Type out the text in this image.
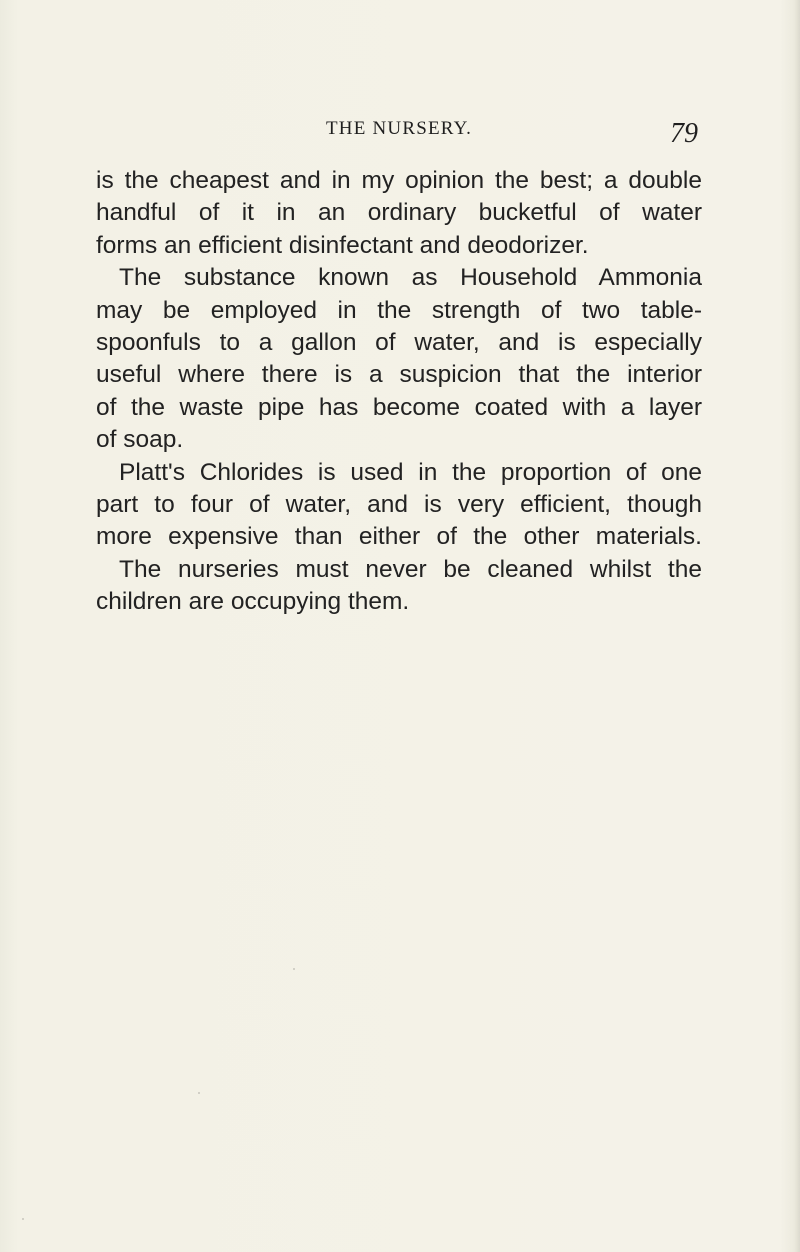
THE NURSERY.	79
is the cheapest and in my opinion the best; a double
handful of it in an ordinary bucketful of water
forms an efficient disinfectant and deodorizer.
The substance known as Household Ammonia
may be employed in the strength of two table-
spoonfuls to a gallon of water, and is especially
useful where there is a suspicion that the interior
of the waste pipe has become coated with a layer
of soap.
Platt's Chlorides is used in the proportion of one
part to four of water, and is very efficient, though
more expensive than either of the other materials.
The nurseries must never be cleaned whilst the
children are occupying them.
